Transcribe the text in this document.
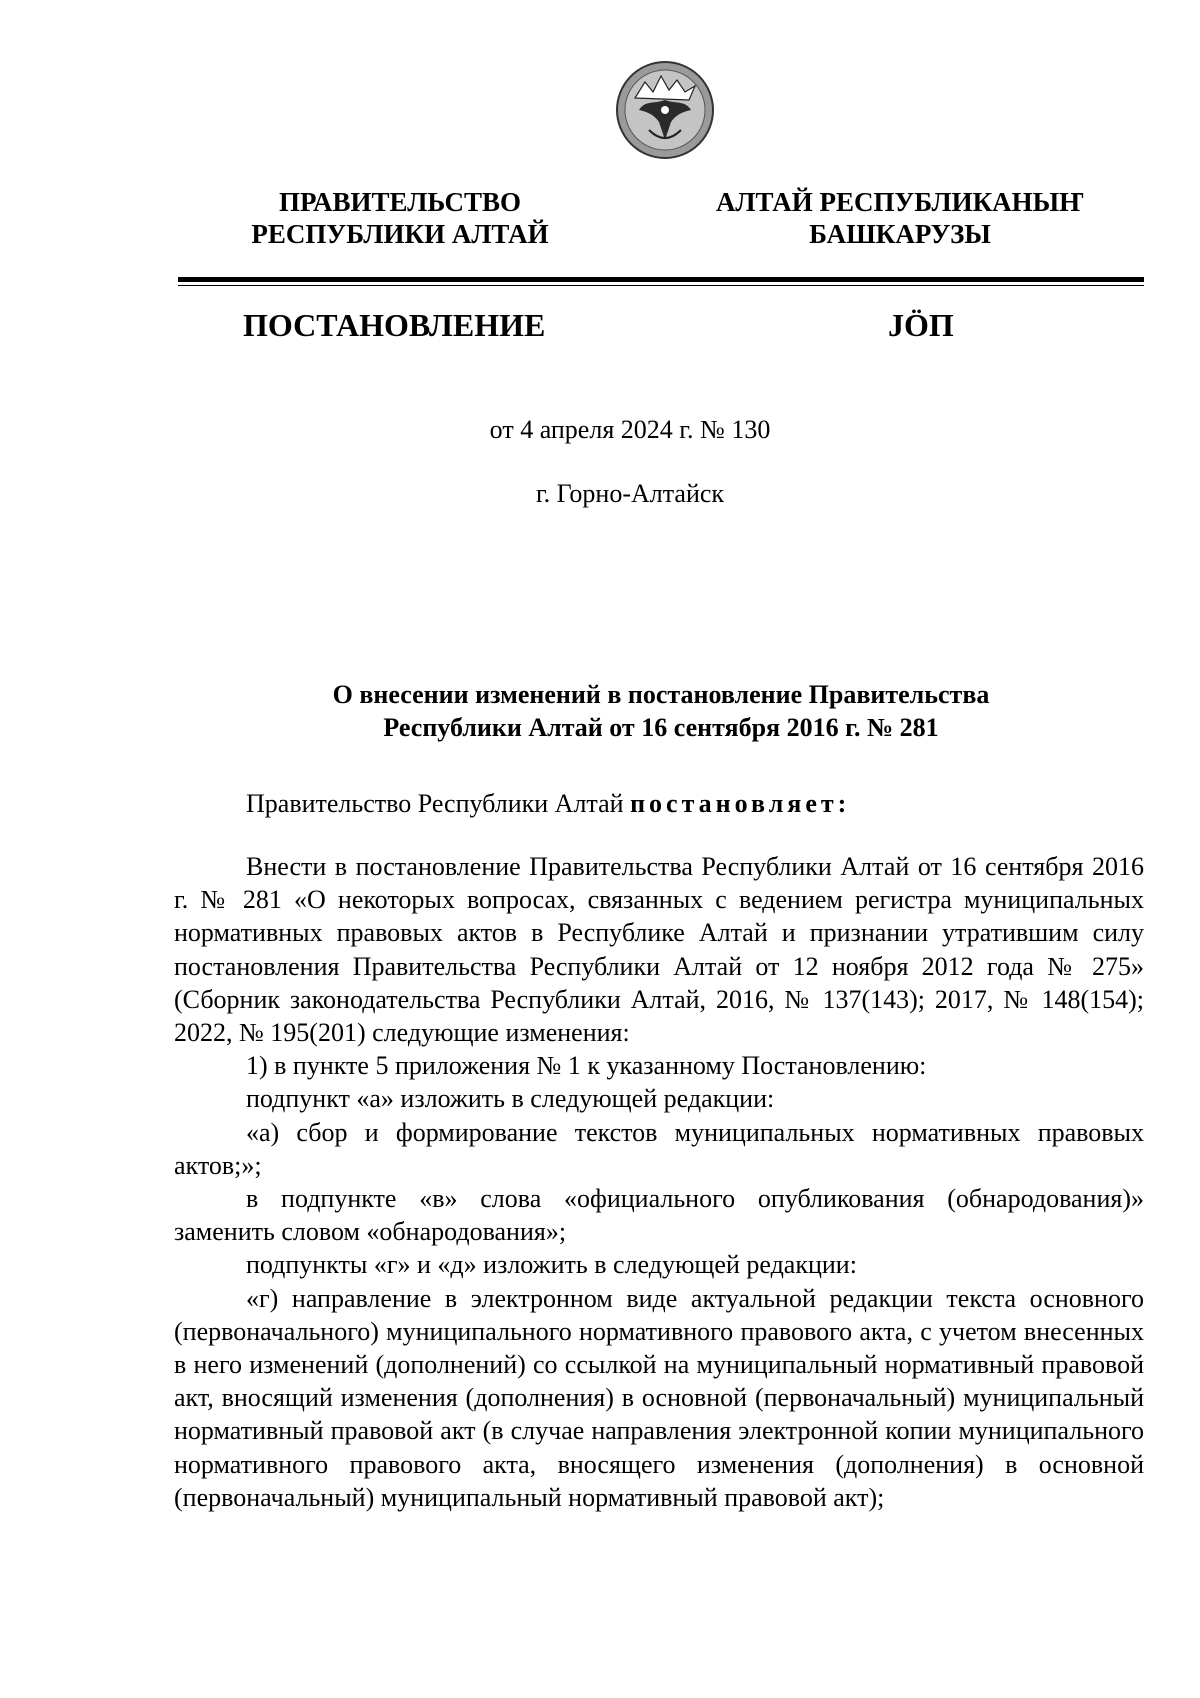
ПРАВИТЕЛЬСТВО
РЕСПУБЛИКИ АЛТАЙ
АЛТАЙ РЕСПУБЛИКАНЫҤ
БАШКАРУЗЫ
ПОСТАНОВЛЕНИЕ	JÖП
от 4 апреля 2024 г. № 130
г. Горно-Алтайск
О внесении изменений в постановление Правительства
Республики Алтай от 16 сентября 2016 г. № 281
Правительство Республики Алтай постановляет:

Внести в постановление Правительства Республики Алтай от 16 сентября 2016 г. № 281 «О некоторых вопросах, связанных с ведением регистра муниципальных нормативных правовых актов в Республике Алтай и признании утратившим силу постановления Правительства Республики Алтай от 12 ноября 2012 года № 275» (Сборник законодательства Республики Алтай, 2016, № 137(143); 2017, № 148(154); 2022, № 195(201) следующие изменения:

1) в пункте 5 приложения № 1 к указанному Постановлению:

подпункт «а» изложить в следующей редакции:

«а) сбор и формирование текстов муниципальных нормативных правовых актов;»;

в подпункте «в» слова «официального опубликования (обнародования)» заменить словом «обнародования»;

подпункты «г» и «д» изложить в следующей редакции:

«г) направление в электронном виде актуальной редакции текста основного (первоначального) муниципального нормативного правового акта, с учетом внесенных в него изменений (дополнений) со ссылкой на муниципальный нормативный правовой акт, вносящий изменения (дополнения) в основной (первоначальный) муниципальный нормативный правовой акт (в случае направления электронной копии муниципального нормативного правового акта, вносящего изменения (дополнения) в основной (первоначальный) муниципальный нормативный правовой акт);
